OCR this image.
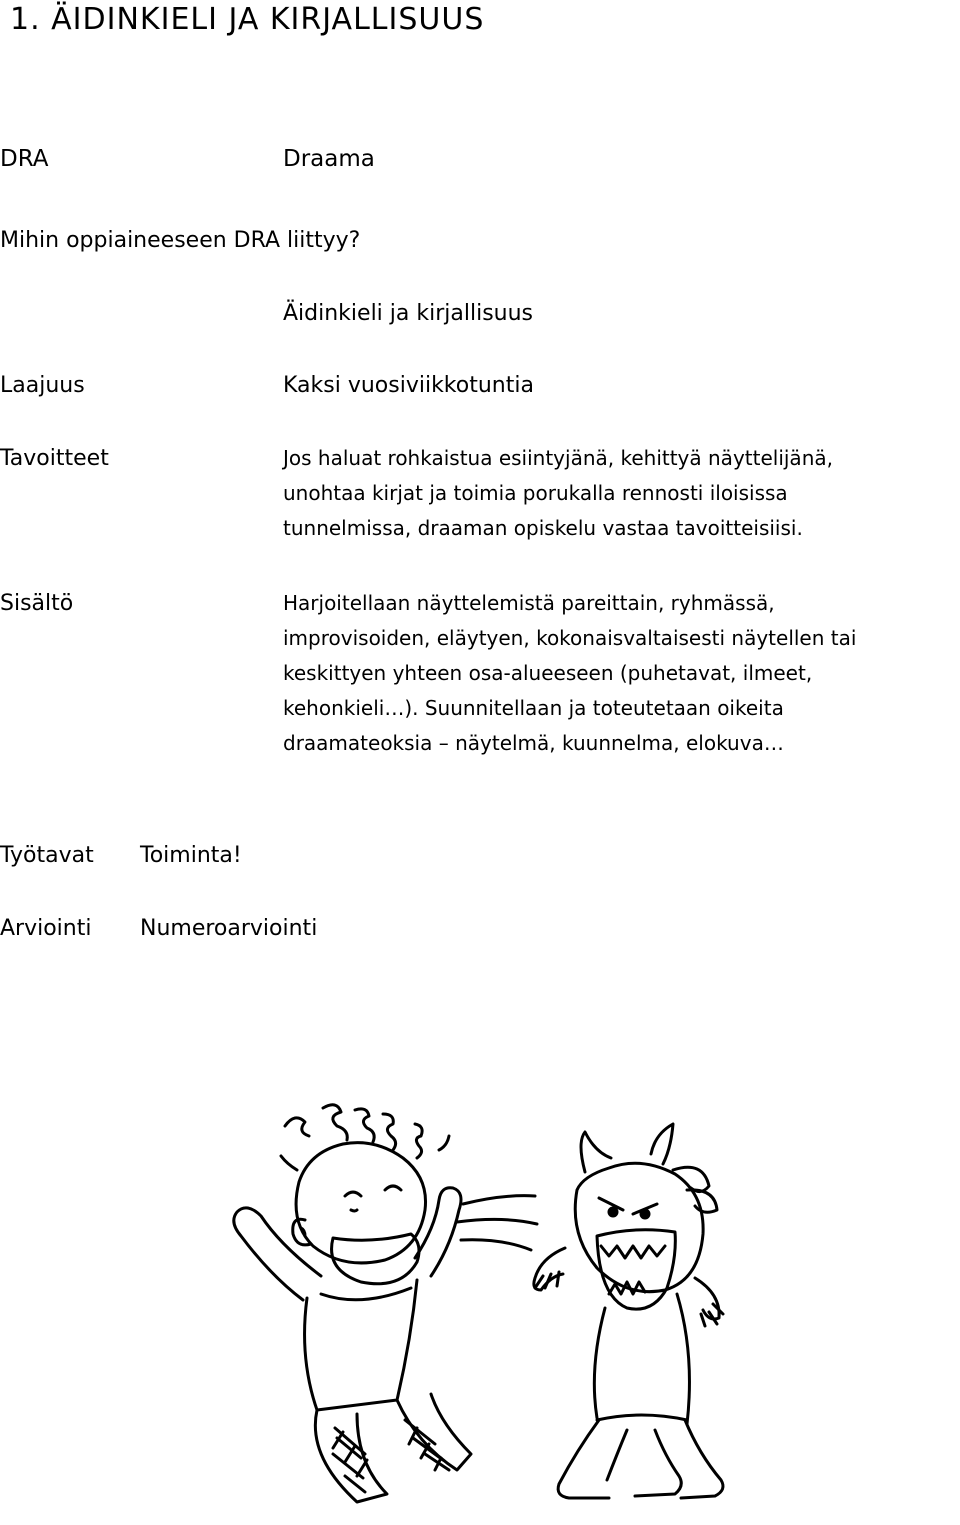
1. ÄIDINKIELI JA KIRJALLISUUS
DRA	Draama
Mihin oppiaineeseen DRA liittyy?
Äidinkieli ja kirjallisuus
Laajuus	Kaksi vuosiviikkotuntia
Tavoitteet	Jos haluat rohkaistua esiintyjänä, kehittyä näyttelijänä,
unohtaa kirjat ja toimia porukalla rennosti iloisissa
tunnelmissa, draaman opiskelu vastaa tavoitteisiisi.
Sisältö	Harjoitellaan näyttelemistä pareittain, ryhmässä,
improvisoiden, eläytyen, kokonaisvaltaisesti näytellen tai
keskittyen yhteen osa-alueeseen (puhetavat, ilmeet,
kehonkieli…). Suunnitellaan ja toteutetaan oikeita
draamateoksia – näytelmä, kuunnelma, elokuva…
Työtavat Toiminta!
Arviointi Numeroarviointi
